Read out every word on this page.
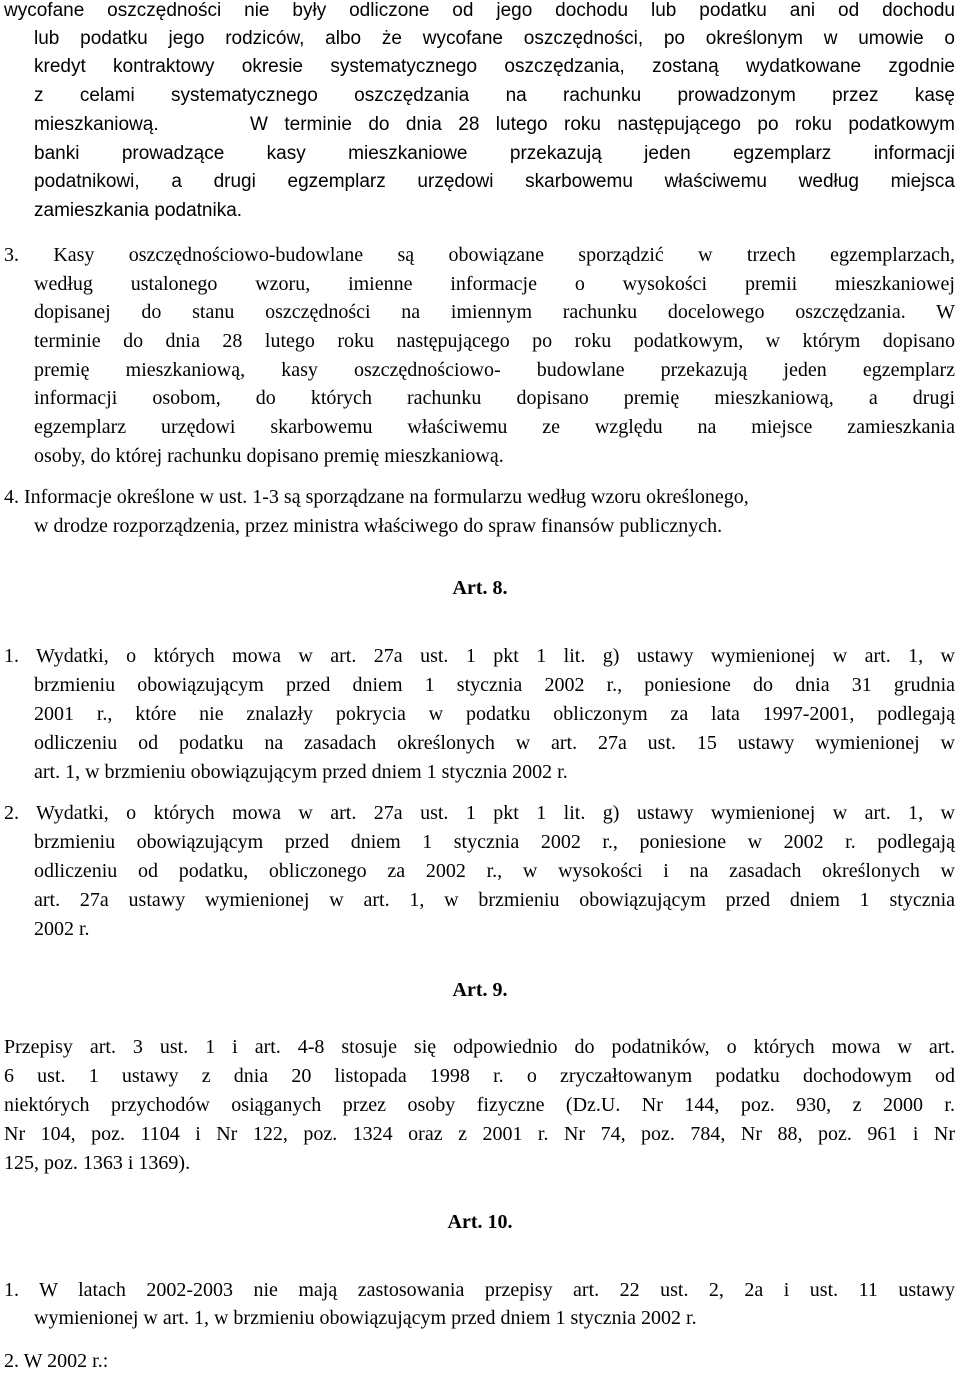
wycofane oszczędności nie były odliczone od jego dochodu lub podatku ani od dochodu
lub podatku jego rodziców, albo że wycofane oszczędności, po określonym w umowie o
kredyt kontraktowy okresie systematycznego oszczędzania, zostaną wydatkowane zgodnie
z celami systematycznego oszczędzania na rachunku prowadzonym przez kasę
mieszkaniową.	W terminie do dnia 28 lutego roku następującego po roku podatkowym
banki prowadzące kasy mieszkaniowe przekazują jeden egzemplarz informacji
podatnikowi, a drugi egzemplarz urzędowi skarbowemu właściwemu według miejsca
zamieszkania podatnika.
3. Kasy oszczędnościowo-budowlane są obowiązane sporządzić w trzech egzemplarzach,
według ustalonego wzoru, imienne informacje o wysokości premii mieszkaniowej
dopisanej do stanu oszczędności na imiennym rachunku docelowego oszczędzania. W
terminie do dnia 28 lutego roku następującego po roku podatkowym, w którym dopisano
premię mieszkaniową, kasy oszczędnościowo- budowlane przekazują jeden egzemplarz
informacji osobom, do których rachunku dopisano premię mieszkaniową, a drugi
egzemplarz urzędowi skarbowemu właściwemu ze względu na miejsce zamieszkania
osoby, do której rachunku dopisano premię mieszkaniową.
4. Informacje określone w ust. 1-3 są sporządzane na formularzu według wzoru określonego,
w drodze rozporządzenia, przez ministra właściwego do spraw finansów publicznych.
Art. 8.
1. Wydatki, o których mowa w art. 27a ust. 1 pkt 1 lit. g) ustawy wymienionej w art. 1, w
brzmieniu obowiązującym przed dniem 1 stycznia 2002 r., poniesione do dnia 31 grudnia
2001 r., które nie znalazły pokrycia w podatku obliczonym za lata 1997-2001, podlegają
odliczeniu od podatku na zasadach określonych w art. 27a ust. 15 ustawy wymienionej w
art. 1, w brzmieniu obowiązującym przed dniem 1 stycznia 2002 r.
2. Wydatki, o których mowa w art. 27a ust. 1 pkt 1 lit. g) ustawy wymienionej w art. 1, w
brzmieniu obowiązującym przed dniem 1 stycznia 2002 r., poniesione w 2002 r. podlegają
odliczeniu od podatku, obliczonego za 2002 r., w wysokości i na zasadach określonych w
art. 27a ustawy wymienionej w art. 1, w brzmieniu obowiązującym przed dniem 1 stycznia
2002 r.
Art. 9.
Przepisy art. 3 ust. 1 i art. 4-8 stosuje się odpowiednio do podatników, o których mowa w art.
6 ust. 1 ustawy z dnia 20 listopada 1998 r. o zryczałtowanym podatku dochodowym od
niektórych przychodów osiąganych przez osoby fizyczne (Dz.U. Nr 144, poz. 930, z 2000 r.
Nr 104, poz. 1104 i Nr 122, poz. 1324 oraz z 2001 r. Nr 74, poz. 784, Nr 88, poz. 961 i Nr
125, poz. 1363 i 1369).
Art. 10.
1. W latach 2002-2003 nie mają zastosowania przepisy art. 22 ust. 2, 2a i ust. 11 ustawy
wymienionej w art. 1, w brzmieniu obowiązującym przed dniem 1 stycznia 2002 r.
2. W 2002 r.:
